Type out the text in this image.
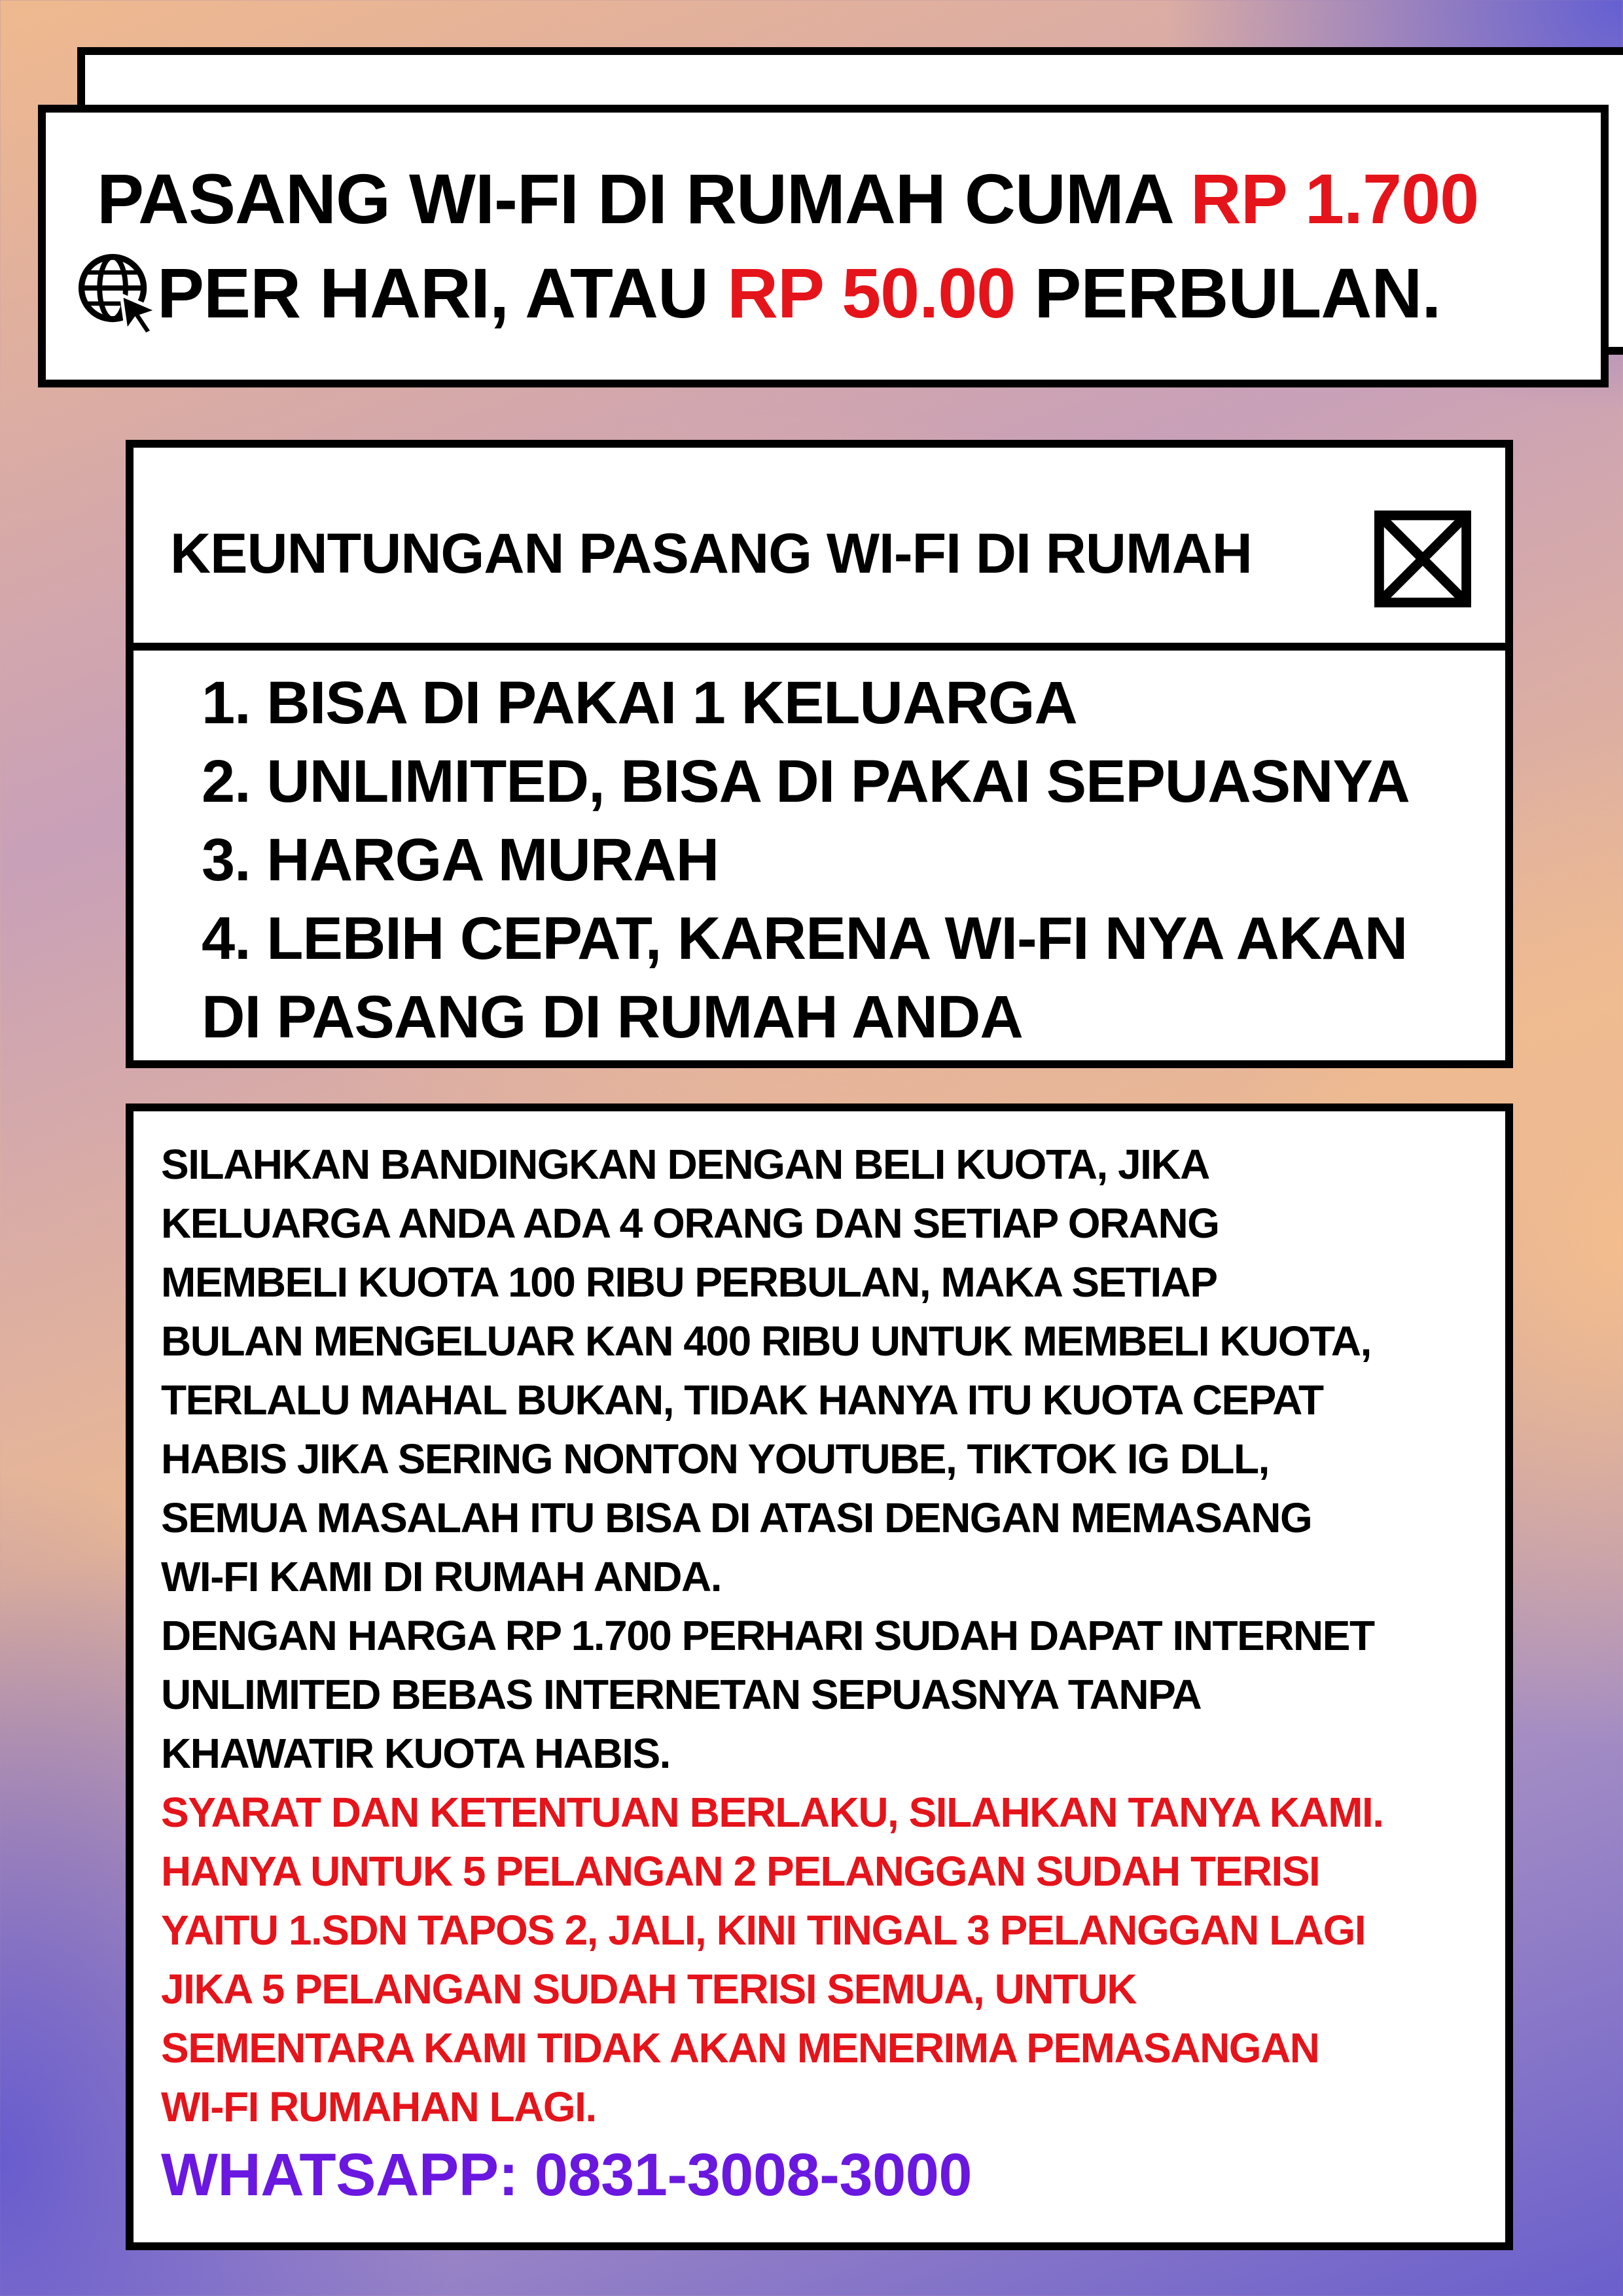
PASANG WI-FI DI RUMAH CUMA RP 1.700
PER HARI, ATAU RP 50.00 PERBULAN.
KEUNTUNGAN PASANG WI-FI DI RUMAH
1. BISA DI PAKAI 1 KELUARGA
2. UNLIMITED, BISA DI PAKAI SEPUASNYA
3. HARGA MURAH
4. LEBIH CEPAT, KARENA WI-FI NYA AKAN
DI PASANG DI RUMAH ANDA
SILAHKAN BANDINGKAN DENGAN BELI KUOTA, JIKA
KELUARGA ANDA ADA 4 ORANG DAN SETIAP ORANG
MEMBELI KUOTA 100 RIBU PERBULAN, MAKA SETIAP
BULAN MENGELUAR KAN 400 RIBU UNTUK MEMBELI KUOTA,
TERLALU MAHAL BUKAN, TIDAK HANYA ITU KUOTA CEPAT
HABIS JIKA SERING NONTON YOUTUBE, TIKTOK IG DLL,
SEMUA MASALAH ITU BISA DI ATASI DENGAN MEMASANG
WI-FI KAMI DI RUMAH ANDA.
DENGAN HARGA RP 1.700 PERHARI SUDAH DAPAT INTERNET
UNLIMITED BEBAS INTERNETAN SEPUASNYA TANPA
KHAWATIR KUOTA HABIS.
SYARAT DAN KETENTUAN BERLAKU, SILAHKAN TANYA KAMI.
HANYA UNTUK 5 PELANGAN 2 PELANGGAN SUDAH TERISI
YAITU 1.SDN TAPOS 2, JALI, KINI TINGAL 3 PELANGGAN LAGI
JIKA 5 PELANGAN SUDAH TERISI SEMUA, UNTUK
SEMENTARA KAMI TIDAK AKAN MENERIMA PEMASANGAN
WI-FI RUMAHAN LAGI.
WHATSAPP: 0831-3008-3000
